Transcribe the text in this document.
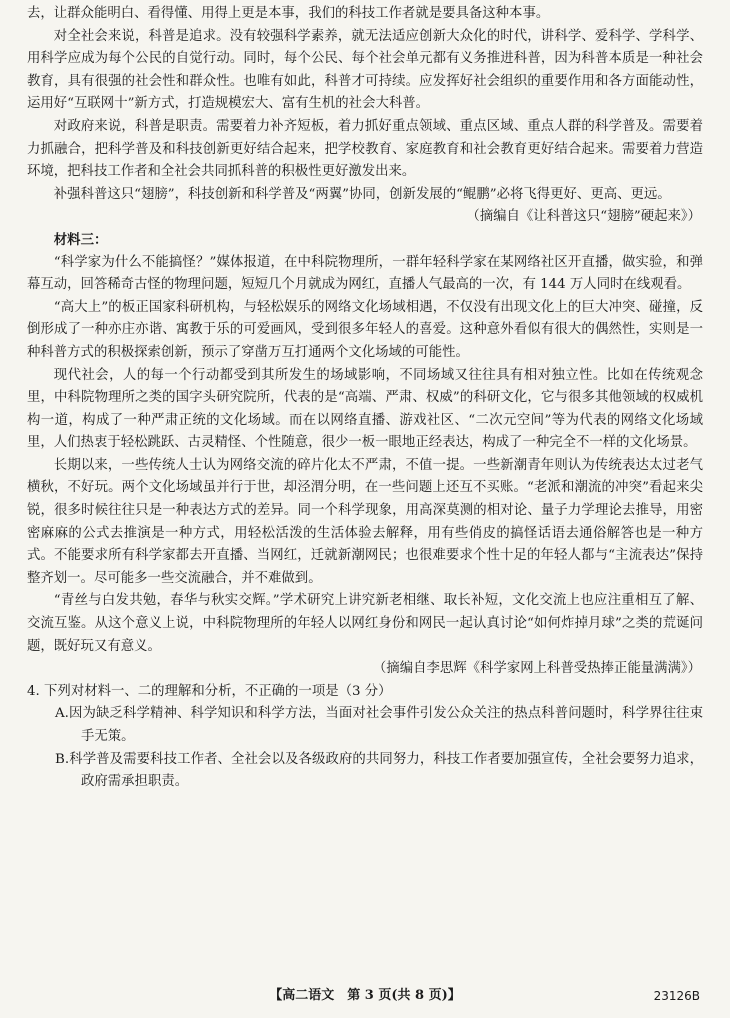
去，让群众能明白、看得懂、用得上更是本事，我们的科技工作者就是要具备这种本事。

对全社会来说，科普是追求。没有较强科学素养，就无法适应创新大众化的时代，讲科学、爱科学、学科学、用科学应成为每个公民的自觉行动。同时，每个公民、每个社会单元都有义务推进科普，因为科普本质是一种社会教育，具有很强的社会性和群众性。也唯有如此，科普才可持续。应发挥好社会组织的重要作用和各方面能动性，运用好“互联网十”新方式，打造规模宏大、富有生机的社会大科普。

对政府来说，科普是职责。需要着力补齐短板，着力抓好重点领域、重点区域、重点人群的科学普及。需要着力抓融合，把科学普及和科技创新更好结合起来，把学校教育、家庭教育和社会教育更好结合起来。需要着力营造环境，把科技工作者和全社会共同抓科普的积极性更好激发出来。

补强科普这只“翅膀”，科技创新和科学普及“两翼”协同，创新发展的“鲲鹏”必将飞得更好、更高、更远。

（摘编自《让科普这只“翅膀”硬起来》）

材料三：

“科学家为什么不能搞怪？”媒体报道，在中科院物理所，一群年轻科学家在某网络社区开直播，做实验，和弹幕互动，回答稀奇古怪的物理问题，短短几个月就成为网红，直播人气最高的一次，有 144 万人同时在线观看。

“高大上”的板正国家科研机构，与轻松娱乐的网络文化场域相遇，不仅没有出现文化上的巨大冲突、碰撞，反倒形成了一种亦庄亦谐、寓教于乐的可爱画风，受到很多年轻人的喜爱。这种意外看似有很大的偶然性，实则是一种科普方式的积极探索创新，预示了穿凿万互打通两个文化场域的可能性。

现代社会，人的每一个行动都受到其所发生的场域影响，不同场域又往往具有相对独立性。比如在传统观念里，中科院物理所之类的国字头研究院所，代表的是“高端、严肃、权威”的科研文化，它与很多其他领域的权威机构一道，构成了一种严肃正统的文化场域。而在以网络直播、游戏社区、“二次元空间”等为代表的网络文化场域里，人们热衷于轻松跳跃、古灵精怪、个性随意，很少一板一眼地正经表达，构成了一种完全不一样的文化场景。

长期以来，一些传统人士认为网络交流的碎片化太不严肃，不值一提。一些新潮青年则认为传统表达太过老气横秋，不好玩。两个文化场域虽并行于世，却泾渭分明，在一些问题上还互不买账。“老派和潮流的冲突”看起来尖锐，很多时候往往只是一种表达方式的差异。同一个科学现象，用高深莫测的相对论、量子力学理论去推导，用密密麻麻的公式去推演是一种方式，用轻松活泼的生活体验去解释，用有些俏皮的搞怪话语去通俗解答也是一种方式。不能要求所有科学家都去开直播、当网红，迁就新潮网民；也很难要求个性十足的年轻人都与“主流表达”保持整齐划一。尽可能多一些交流融合，并不难做到。

“青丝与白发共勉，春华与秋实交辉。”学术研究上讲究新老相继、取长补短，文化交流上也应注重相互了解、交流互鉴。从这个意义上说，中科院物理所的年轻人以网红身份和网民一起认真讨论“如何炸掉月球”之类的荒诞问题，既好玩又有意义。

（摘编自李思辉《科学家网上科普受热捧正能量满满》）

4. 下列对材料一、二的理解和分析，不正确的一项是（3 分）

A.因为缺乏科学精神、科学知识和科学方法，当面对社会事件引发公众关注的热点科普问题时，科学界往往束手无策。

B.科学普及需要科技工作者、全社会以及各级政府的共同努力，科技工作者要加强宣传，全社会要努力追求，政府需承担职责。

【高二语文　第 3 页(共 8 页)】	23126B
